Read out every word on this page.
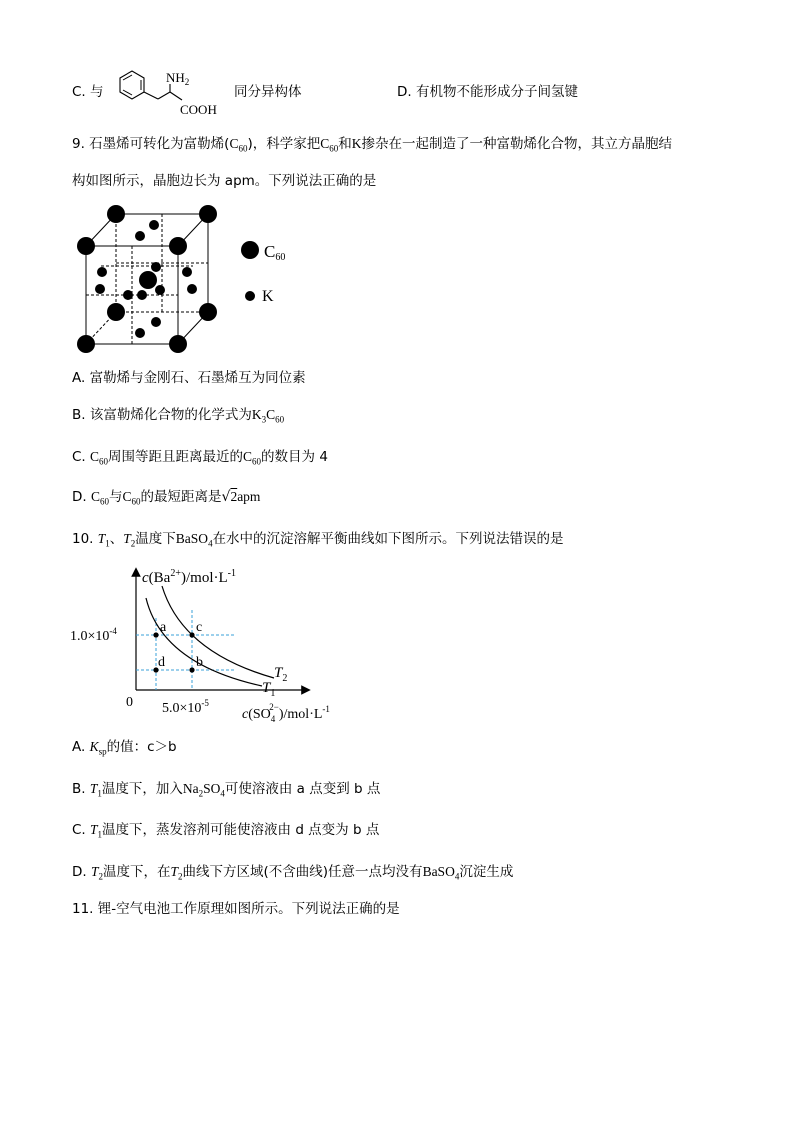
C. 与
$NH_2$
COOH
同分异构体	D. 有机物不能形成分子间氢键
9. 石墨烯可转化为富勒烯$(C_{60})$，科学家把$C_{60}$和K掺杂在一起制造了一种富勒烯化合物，其立方晶胞结
构如图所示，晶胞边长为 apm。下列说法正确的是
C60
K
A. 富勒烯与金刚石、石墨烯互为同位素
B. 该富勒烯化合物的化学式为$K_3C_{60}$
C. $C_{60}$周围等距且距离最近的$C_{60}$的数目为 4
D. $C_{60}$与$C_{60}$的最短距离是√2apm
10. $T_1$、$T_2$温度下BaSO$_4$在水中的沉淀溶解平衡曲线如下图所示。下列说法错误的是
a c
d b
$T_2$
$T_1$
$c(Ba^{2+})/mol\cdot L^{-1}$
$1.0\times 10^{-4}$
0 $5.0\times 10^{-5}$
$c(SO_42-)/mol\cdot L^{-1}$
A. $K_{sp}$的值：c＞b
B. $T_1$温度下，加入$Na_2SO_4$可使溶液由 a 点变到 b 点
C. $T_1$温度下，蒸发溶剂可能使溶液由 d 点变为 b 点
D. $T_2$温度下，在$T_2$曲线下方区域(不含曲线)任意一点均没有BaSO$_4$沉淀生成
11. 锂-空气电池工作原理如图所示。下列说法正确的是
